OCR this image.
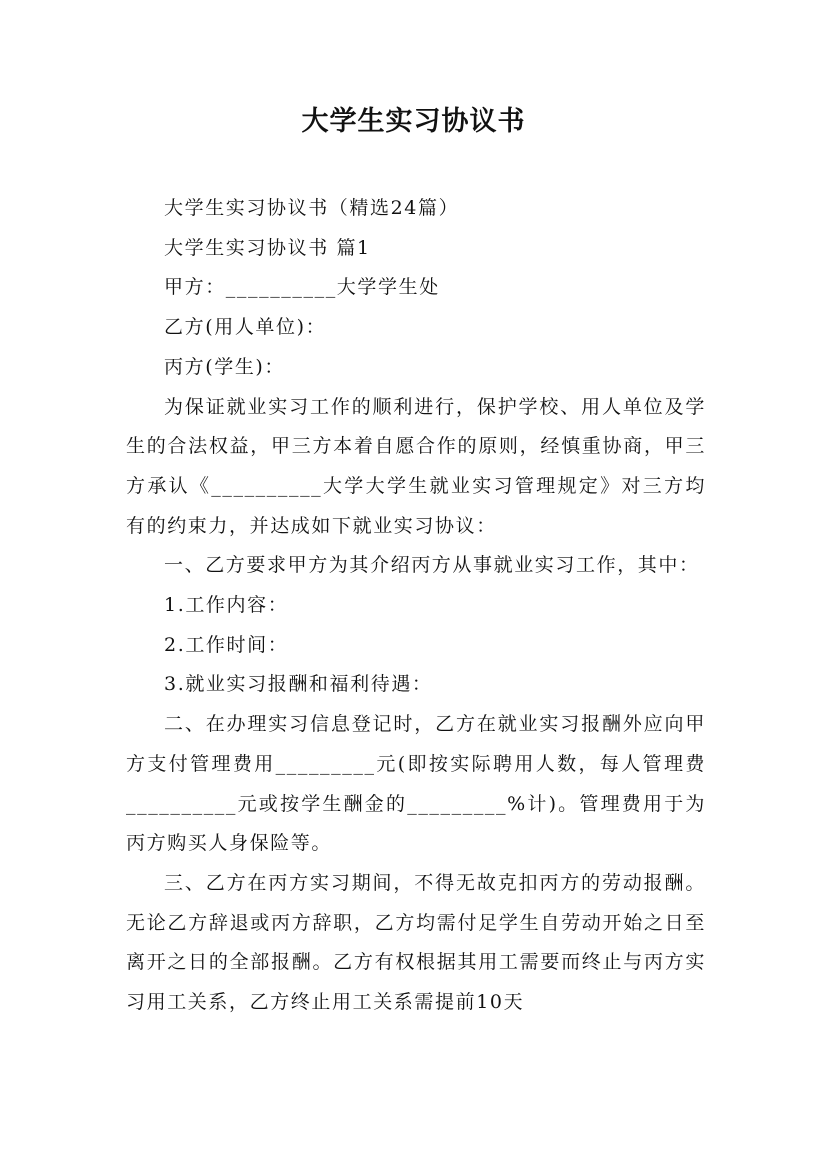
大学生实习协议书

大学生实习协议书（精选24篇）

大学生实习协议书 篇1

甲方：__________大学学生处

乙方(用人单位)：

丙方(学生)：

为保证就业实习工作的顺利进行，保护学校、用人单位及学生的合法权益，甲三方本着自愿合作的原则，经慎重协商，甲三方承认《__________大学大学生就业实习管理规定》对三方均有的约束力，并达成如下就业实习协议：

一、乙方要求甲方为其介绍丙方从事就业实习工作，其中：

1.工作内容：

2.工作时间：

3.就业实习报酬和福利待遇：

二、在办理实习信息登记时，乙方在就业实习报酬外应向甲方支付管理费用_________元(即按实际聘用人数，每人管理费__________元或按学生酬金的_________%计)。管理费用于为丙方购买人身保险等。

三、乙方在丙方实习期间，不得无故克扣丙方的劳动报酬。无论乙方辞退或丙方辞职，乙方均需付足学生自劳动开始之日至离开之日的全部报酬。乙方有权根据其用工需要而终止与丙方实习用工关系，乙方终止用工关系需提前10天
